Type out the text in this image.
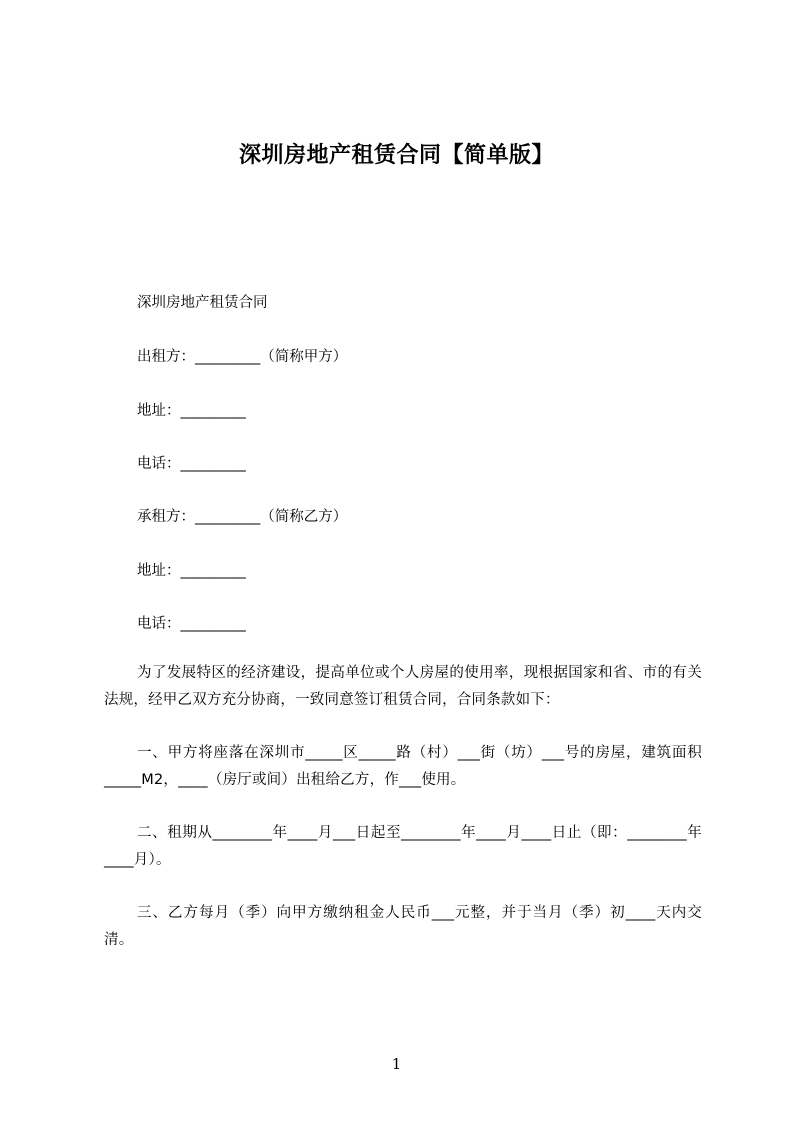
深圳房地产租赁合同【简单版】
深圳房地产租赁合同
出租方：_________（简称甲方）
地址：_________
电话：_________
承租方：_________（简称乙方）
地址：_________
电话：_________
为了发展特区的经济建设，提高单位或个人房屋的使用率，现根据国家和省、市的有关法规，经甲乙双方充分协商，一致同意签订租赁合同，合同条款如下：
一、甲方将座落在深圳市_____区_____路（村）___街（坊）___号的房屋，建筑面积_____M2，____（房厅或间）出租给乙方，作___使用。
二、租期从________年____月___日起至________年____月____日止（即：________年____月）。
三、乙方每月（季）向甲方缴纳租金人民币___元整，并于当月（季）初____天内交清。
1
